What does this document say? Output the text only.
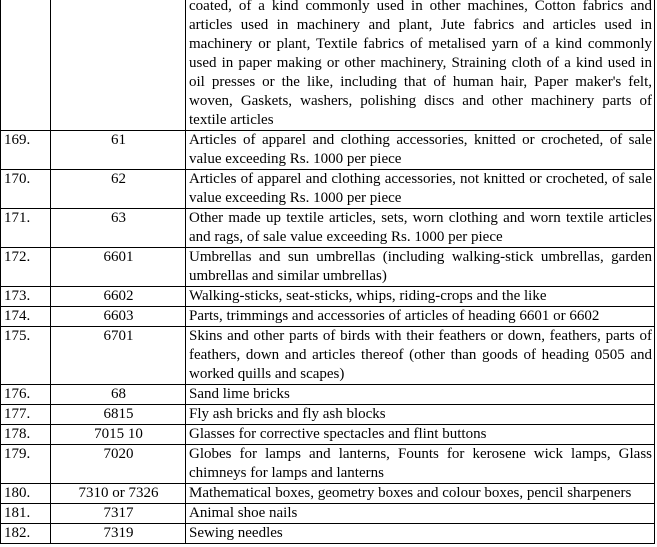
		coated, of a kind commonly used in other machines, Cotton fabrics and articles used in machinery and plant, Jute fabrics and articles used in machinery or plant, Textile fabrics of metalised yarn of a kind commonly used in paper making or other machinery, Straining cloth of a kind used in oil presses or the like, including that of human hair, Paper maker's felt, woven, Gaskets, washers, polishing discs and other machinery parts of textile articles
169.	61	Articles of apparel and clothing accessories, knitted or crocheted, of sale value exceeding Rs. 1000 per piece
170.	62	Articles of apparel and clothing accessories, not knitted or crocheted, of sale value exceeding Rs. 1000 per piece
171.	63	Other made up textile articles, sets, worn clothing and worn textile articles and rags, of sale value exceeding Rs. 1000 per piece
172.	6601	Umbrellas and sun umbrellas (including walking-stick umbrellas, garden umbrellas and similar umbrellas)
173.	6602	Walking-sticks, seat-sticks, whips, riding-crops and the like
174.	6603	Parts, trimmings and accessories of articles of heading 6601 or 6602
175.	6701	Skins and other parts of birds with their feathers or down, feathers, parts of feathers, down and articles thereof (other than goods of heading 0505 and worked quills and scapes)
176.	68	Sand lime bricks
177.	6815	Fly ash bricks and fly ash blocks
178.	7015 10	Glasses for corrective spectacles and flint buttons
179.	7020	Globes for lamps and lanterns, Founts for kerosene wick lamps, Glass chimneys for lamps and lanterns
180.	7310 or 7326	Mathematical boxes, geometry boxes and colour boxes, pencil sharpeners
181.	7317	Animal shoe nails
182.	7319	Sewing needles
